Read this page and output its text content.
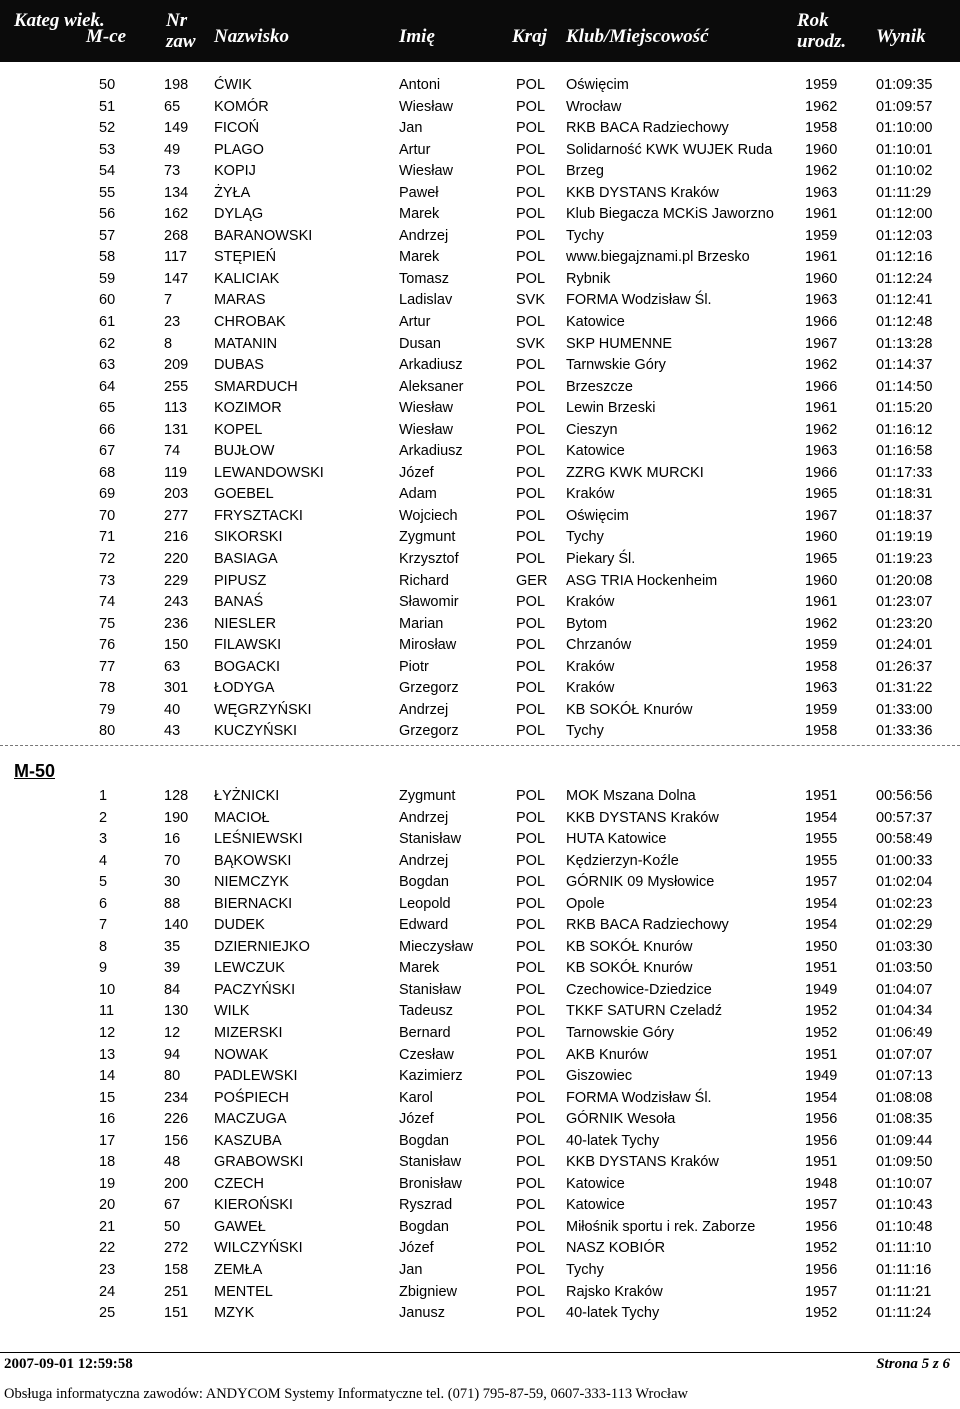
Kateg wiek.
M-ce
Nr zaw Nazwisko	Imię	Kraj Klub/Miejscowość
Rok urodz.	Wynik
50	198 ĆWIK	Antoni	POL Oświęcim	1959	01:09:35
51	65 KOMÓR	Wiesław	POL Wrocław	1962	01:09:57
52	149 FICOŃ	Jan	POL RKB BACA Radziechowy	1958	01:10:00
53	49 PLAGO	Artur	POL Solidarność KWK WUJEK Ruda 1960	01:10:01
54	73 KOPIJ	Wiesław	POL Brzeg	1962	01:10:02
55	134 ŻYŁA	Paweł	POL KKB DYSTANS Kraków	1963	01:11:29
56	162 DYLĄG	Marek	POL Klub Biegacza MCKiS Jaworzno 1961	01:12:00
57	268 BARANOWSKI	Andrzej	POL Tychy	1959	01:12:03
58	117 STĘPIEŃ	Marek	POL www.biegajznami.pl Brzesko	1961	01:12:16
59	147 KALICIAK	Tomasz	POL Rybnik	1960	01:12:24
60	7	MARAS	Ladislav	SVK FORMA Wodzisław Śl.	1963	01:12:41
61	23 CHROBAK	Artur	POL Katowice	1966	01:12:48
62	8	MATANIN	Dusan	SVK SKP HUMENNE	1967	01:13:28
63	209 DUBAS	Arkadiusz	POL Tarnwskie Góry	1962	01:14:37
64	255 SMARDUCH	Aleksaner	POL Brzeszcze	1966	01:14:50
65	113 KOZIMOR	Wiesław	POL Lewin Brzeski	1961	01:15:20
66	131 KOPEL	Wiesław	POL Cieszyn	1962	01:16:12
67	74 BUJŁOW	Arkadiusz	POL Katowice	1963	01:16:58
68	119 LEWANDOWSKI	Józef	POL ZZRG KWK MURCKI	1966	01:17:33
69	203 GOEBEL	Adam	POL Kraków	1965	01:18:31
70	277 FRYSZTACKI	Wojciech	POL Oświęcim	1967	01:18:37
71	216 SIKORSKI	Zygmunt	POL Tychy	1960	01:19:19
72	220 BASIAGA	Krzysztof	POL Piekary Śl.	1965	01:19:23
73	229 PIPUSZ	Richard	GER ASG TRIA Hockenheim	1960	01:20:08
74	243 BANAŚ	Sławomir	POL Kraków	1961	01:23:07
75	236 NIESLER	Marian	POL Bytom	1962	01:23:20
76	150 FILAWSKI	Mirosław	POL Chrzanów	1959	01:24:01
77	63 BOGACKI	Piotr	POL Kraków	1958	01:26:37
78	301 ŁODYGA	Grzegorz	POL Kraków	1963	01:31:22
79	40 WĘGRZYŃSKI	Andrzej	POL KB SOKÓŁ Knurów	1959	01:33:00
80	43 KUCZYŃSKI	Grzegorz	POL Tychy	1958	01:33:36
M-50
1	128 ŁYŻNICKI	Zygmunt	POL MOK Mszana Dolna	1951	00:56:56
2	190 MACIOŁ	Andrzej	POL KKB DYSTANS Kraków	1954	00:57:37
3	16 LEŚNIEWSKI	Stanisław	POL HUTA Katowice	1955	00:58:49
4	70 BĄKOWSKI	Andrzej	POL Kędzierzyn-Koźle	1955	01:00:33
5	30 NIEMCZYK	Bogdan	POL GÓRNIK 09 Mysłowice	1957	01:02:04
6	88 BIERNACKI	Leopold	POL Opole	1954	01:02:23
7	140 DUDEK	Edward	POL RKB BACA Radziechowy	1954	01:02:29
8	35 DZIERNIEJKO	Mieczysław	POL KB SOKÓŁ Knurów	1950	01:03:30
9	39 LEWCZUK	Marek	POL KB SOKÓŁ Knurów	1951	01:03:50
10	84 PACZYŃSKI	Stanisław	POL Czechowice-Dziedzice	1949	01:04:07
11	130 WILK	Tadeusz	POL TKKF SATURN Czeladź	1952	01:04:34
12	12 MIZERSKI	Bernard	POL Tarnowskie Góry	1952	01:06:49
13	94 NOWAK	Czesław	POL AKB Knurów	1951	01:07:07
14	80 PADLEWSKI	Kazimierz	POL Giszowiec	1949	01:07:13
15	234 POŚPIECH	Karol	POL FORMA Wodzisław Śl.	1954	01:08:08
16	226 MACZUGA	Józef	POL GÓRNIK Wesoła	1956	01:08:35
17	156 KASZUBA	Bogdan	POL 40-latek Tychy	1956	01:09:44
18	48 GRABOWSKI	Stanisław	POL KKB DYSTANS Kraków	1951	01:09:50
19	200 CZECH	Bronisław	POL Katowice	1948	01:10:07
20	67 KIEROŃSKI	Ryszrad	POL Katowice	1957	01:10:43
21	50 GAWEŁ	Bogdan	POL Miłośnik sportu i rek. Zaborze	1956	01:10:48
22	272 WILCZYŃSKI	Józef	POL NASZ KOBIÓR	1952	01:11:10
23	158 ZEMŁA	Jan	POL Tychy	1956	01:11:16
24	251 MENTEL	Zbigniew	POL Rajsko Kraków	1957	01:11:21
25	151 MZYK	Janusz	POL 40-latek Tychy	1952	01:11:24
2007-09-01 12:59:58	Strona 5 z 6
Obsługa informatyczna zawodów: ANDYCOM Systemy Informatyczne tel. (071) 795-87-59, 0607-333-113 Wrocław
